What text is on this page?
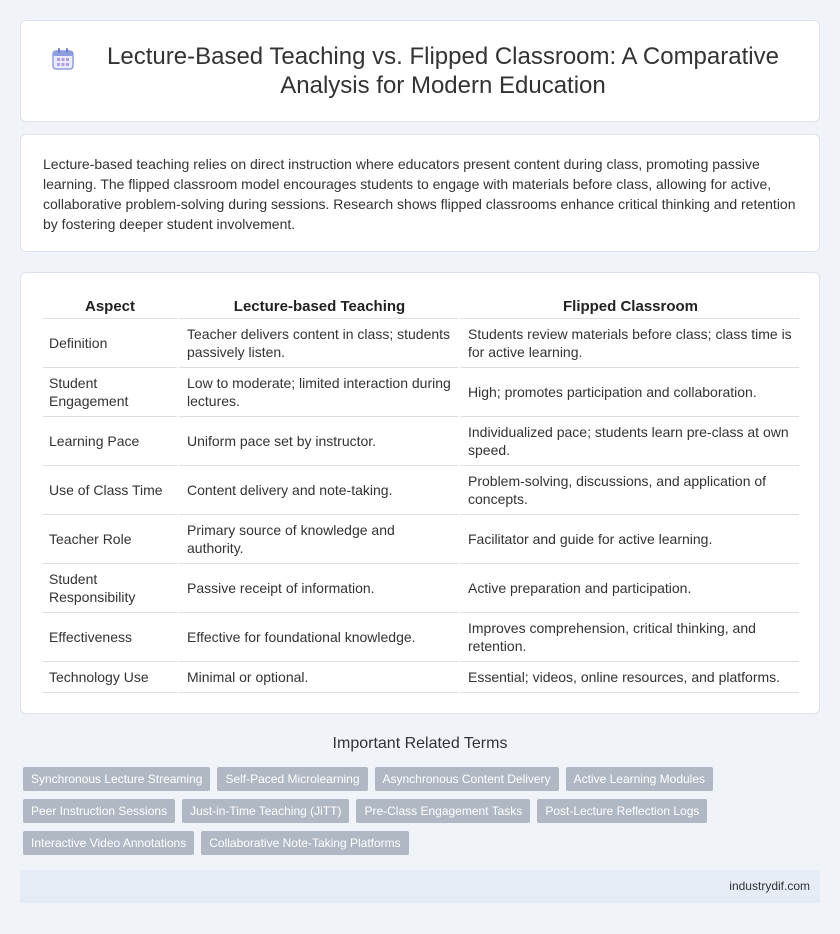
Lecture-Based Teaching vs. Flipped Classroom: A Comparative Analysis for Modern Education

Lecture-based teaching relies on direct instruction where educators present content during class, promoting passive learning. The flipped classroom model encourages students to engage with materials before class, allowing for active, collaborative problem-solving during sessions. Research shows flipped classrooms enhance critical thinking and retention by fostering deeper student involvement.

Aspect	Lecture-based Teaching	Flipped Classroom
Definition	Teacher delivers content in class; students passively listen.	Students review materials before class; class time is for active learning.
Student Engagement	Low to moderate; limited interaction during lectures.	High; promotes participation and collaboration.
Learning Pace	Uniform pace set by instructor.	Individualized pace; students learn pre-class at own speed.
Use of Class Time	Content delivery and note-taking.	Problem-solving, discussions, and application of concepts.
Teacher Role	Primary source of knowledge and authority.	Facilitator and guide for active learning.
Student Responsibility	Passive receipt of information.	Active preparation and participation.
Effectiveness	Effective for foundational knowledge.	Improves comprehension, critical thinking, and retention.
Technology Use	Minimal or optional.	Essential; videos, online resources, and platforms.
Important Related Terms
Synchronous Lecture Streaming	Self-Paced Microlearning	Asynchronous Content Delivery	Active Learning Modules
Peer Instruction Sessions	Just-in-Time Teaching (JiTT)	Pre-Class Engagement Tasks	Post-Lecture Reflection Logs
Interactive Video Annotations	Collaborative Note-Taking Platforms
industrydif.com
